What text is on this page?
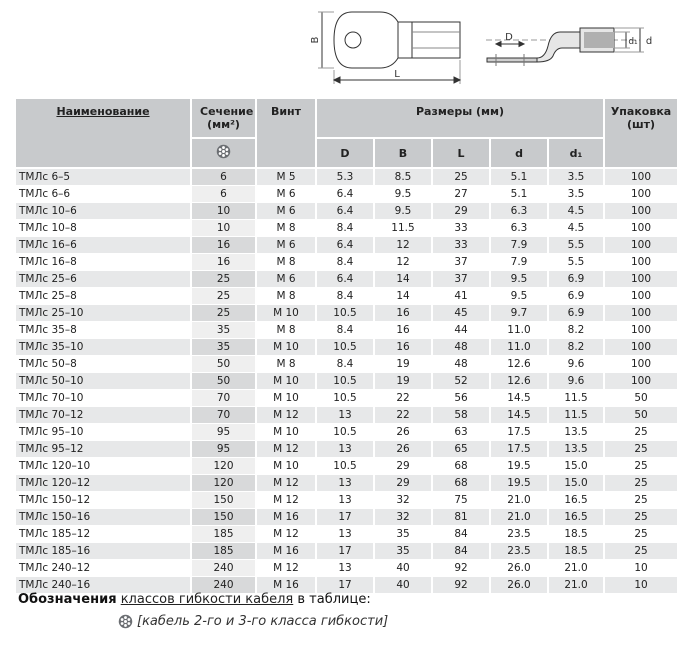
B
L
D	d₁ d
Наименование	Сечение (мм²)	Винт	Размеры (мм)					Упаковка (шт)
	D	B	L	d	d₁	
ТМЛс 6–5	6	М 5	5.3	8.5	25	5.1	3.5	100
ТМЛс 6–6	6	М 6	6.4	9.5	27	5.1	3.5	100
ТМЛс 10–6	10	М 6	6.4	9.5	29	6.3	4.5	100
ТМЛс 10–8	10	М 8	8.4	11.5	33	6.3	4.5	100
ТМЛс 16–6	16	М 6	6.4	12	33	7.9	5.5	100
ТМЛс 16–8	16	М 8	8.4	12	37	7.9	5.5	100
ТМЛс 25–6	25	М 6	6.4	14	37	9.5	6.9	100
ТМЛс 25–8	25	М 8	8.4	14	41	9.5	6.9	100
ТМЛс 25–10	25	М 10	10.5	16	45	9.7	6.9	100
ТМЛс 35–8	35	М 8	8.4	16	44	11.0	8.2	100
ТМЛс 35–10	35	М 10	10.5	16	48	11.0	8.2	100
ТМЛс 50–8	50	М 8	8.4	19	48	12.6	9.6	100
ТМЛс 50–10	50	М 10	10.5	19	52	12.6	9.6	100
ТМЛс 70–10	70	М 10	10.5	22	56	14.5	11.5	50
ТМЛс 70–12	70	М 12	13	22	58	14.5	11.5	50
ТМЛс 95–10	95	М 10	10.5	26	63	17.5	13.5	25
ТМЛс 95–12	95	М 12	13	26	65	17.5	13.5	25
ТМЛс 120–10	120	М 10	10.5	29	68	19.5	15.0	25
ТМЛс 120–12	120	М 12	13	29	68	19.5	15.0	25
ТМЛс 150–12	150	М 12	13	32	75	21.0	16.5	25
ТМЛс 150–16	150	М 16	17	32	81	21.0	16.5	25
ТМЛс 185–12	185	М 12	13	35	84	23.5	18.5	25
ТМЛс 185–16	185	М 16	17	35	84	23.5	18.5	25
ТМЛс 240–12	240	М 12	13	40	92	26.0	21.0	10
ТМЛс 240–16	240	М 16	17	40	92	26.0	21.0	10
Обозначения классов гибкости кабеля в таблице:
[кабель 2-го и 3-го класса гибкости]
